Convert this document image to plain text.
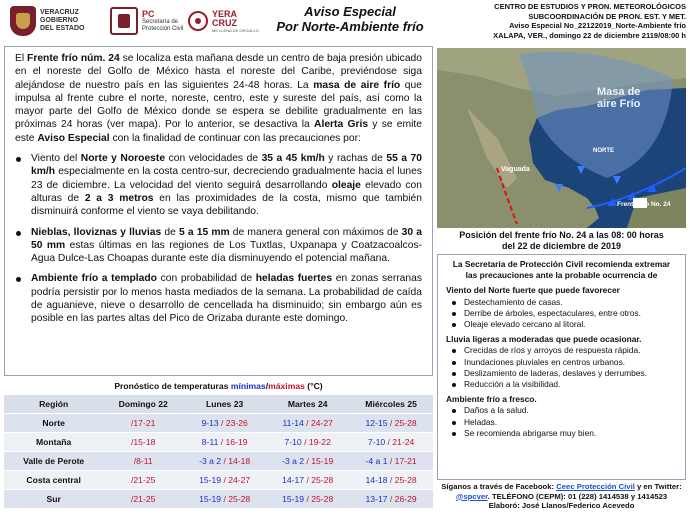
VERACRUZ GOBIERNO DEL ESTADO
PC
Secretaría de Protección Civil
YERA
CRUZ
ME LLENA DE ORGULLO
Aviso Especial
Por Norte-Ambiente frío
CENTRO DE ESTUDIOS Y PRON. METEOROLÓGICOS
SUBCOORDINACIÓN DE PRON. EST. Y MET.
Aviso Especial No_22122019_Norte-Ambiente frío
XALAPA, VER., domingo 22 de diciembre 2119/08:00 h

El Frente frío núm. 24 se localiza esta mañana desde un centro de baja presión ubicado en el noreste del Golfo de México hasta el noreste del Caribe, previéndose siga alejándose de nuestro país en las siguientes 24-48 horas. La masa de aire frío que impulsa al frente cubre el norte, noreste, centro, este y sureste del país, así como la mayor parte del Golfo de México donde se espera se debilite gradualmente en las próximas 24 horas (ver mapa). Por lo anterior, se desactiva la Alerta Gris y se emite este Aviso Especial con la finalidad de continuar con las precauciones por:

Viento del Norte y Noroeste con velocidades de 35 a 45 km/h y rachas de 55 a 70 km/h especialmente en la costa centro-sur, decreciendo gradualmente hacia el lunes 23 de diciembre. La velocidad del viento seguirá desarrollando oleaje elevado con alturas de 2 a 3 metros en las proximidades de la costa, mismo que también disminuirá conforme el viento se vaya debilitando.
Nieblas, lloviznas y lluvias de 5 a 15 mm de manera general con máximos de 30 a 50 mm estas últimas en las regiones de Los Tuxtlas, Uxpanapa y Coatzacoalcos-Agua Dulce-Las Choapas durante este día disminuyendo el potencial mañana.
Ambiente frío a templado con probabilidad de heladas fuertes en zonas serranas podría persistir por lo menos hasta mediados de la semana. La probabilidad de caída de aguanieve, nieve o desarrollo de cencellada ha disminuido; sin embargo aún es posible en las partes altas del Pico de Orizaba durante este domingo.
Masa de
aire Frío
NORTE
Vaguada
Frente frío No. 24
Posición del frente frío No. 24 a las 08: 00 horas
del 22 de diciembre de 2019
La Secretaría de Protección Civil recomienda extremar las precauciones ante la probable ocurrencia de
Viento del Norte fuerte que puede favorecer
Destechamiento de casas.
Derribe de árboles, espectaculares, entre otros.
Oleaje elevado cercano al litoral.
Lluvia ligeras a moderadas que puede ocasionar.
Crecidas de ríos y arroyos de respuesta rápida.
Inundaciones pluviales en centros urbanos.
Deslizamiento de laderas, deslaves y derrumbes.
Reducción a la visibilidad.
Ambiente frío a fresco.
Daños a la salud.
Heladas.
Se recomienda abrigarse muy bien.
Síganos a través de Facebook: Ceec Protección Civil y en Twitter:
@spcver. TELÉFONO (CEPM): 01 (228) 1414538 y 1414523
Elaboró: José Llanos/Federico Acevedo
Pronóstico de temperaturas mínimas/máximas (°C)				
Región	Domingo 22	Lunes 23	Martes 24	Miércoles 25
Norte	/17-21	9-13 / 23-26	11-14 / 24-27	12-15 / 25-28
Montaña	/15-18	8-11 / 16-19	7-10 / 19-22	7-10 / 21-24
Valle de Perote	/8-11	-3 a 2 / 14-18	-3 a 2 / 15-19	-4 a 1 / 17-21
Costa central	/21-25	15-19 / 24-27	14-17 / 25-28	14-18 / 25-28
Sur	/21-25	15-19 / 25-28	15-19 / 25-28	13-17 / 26-29
